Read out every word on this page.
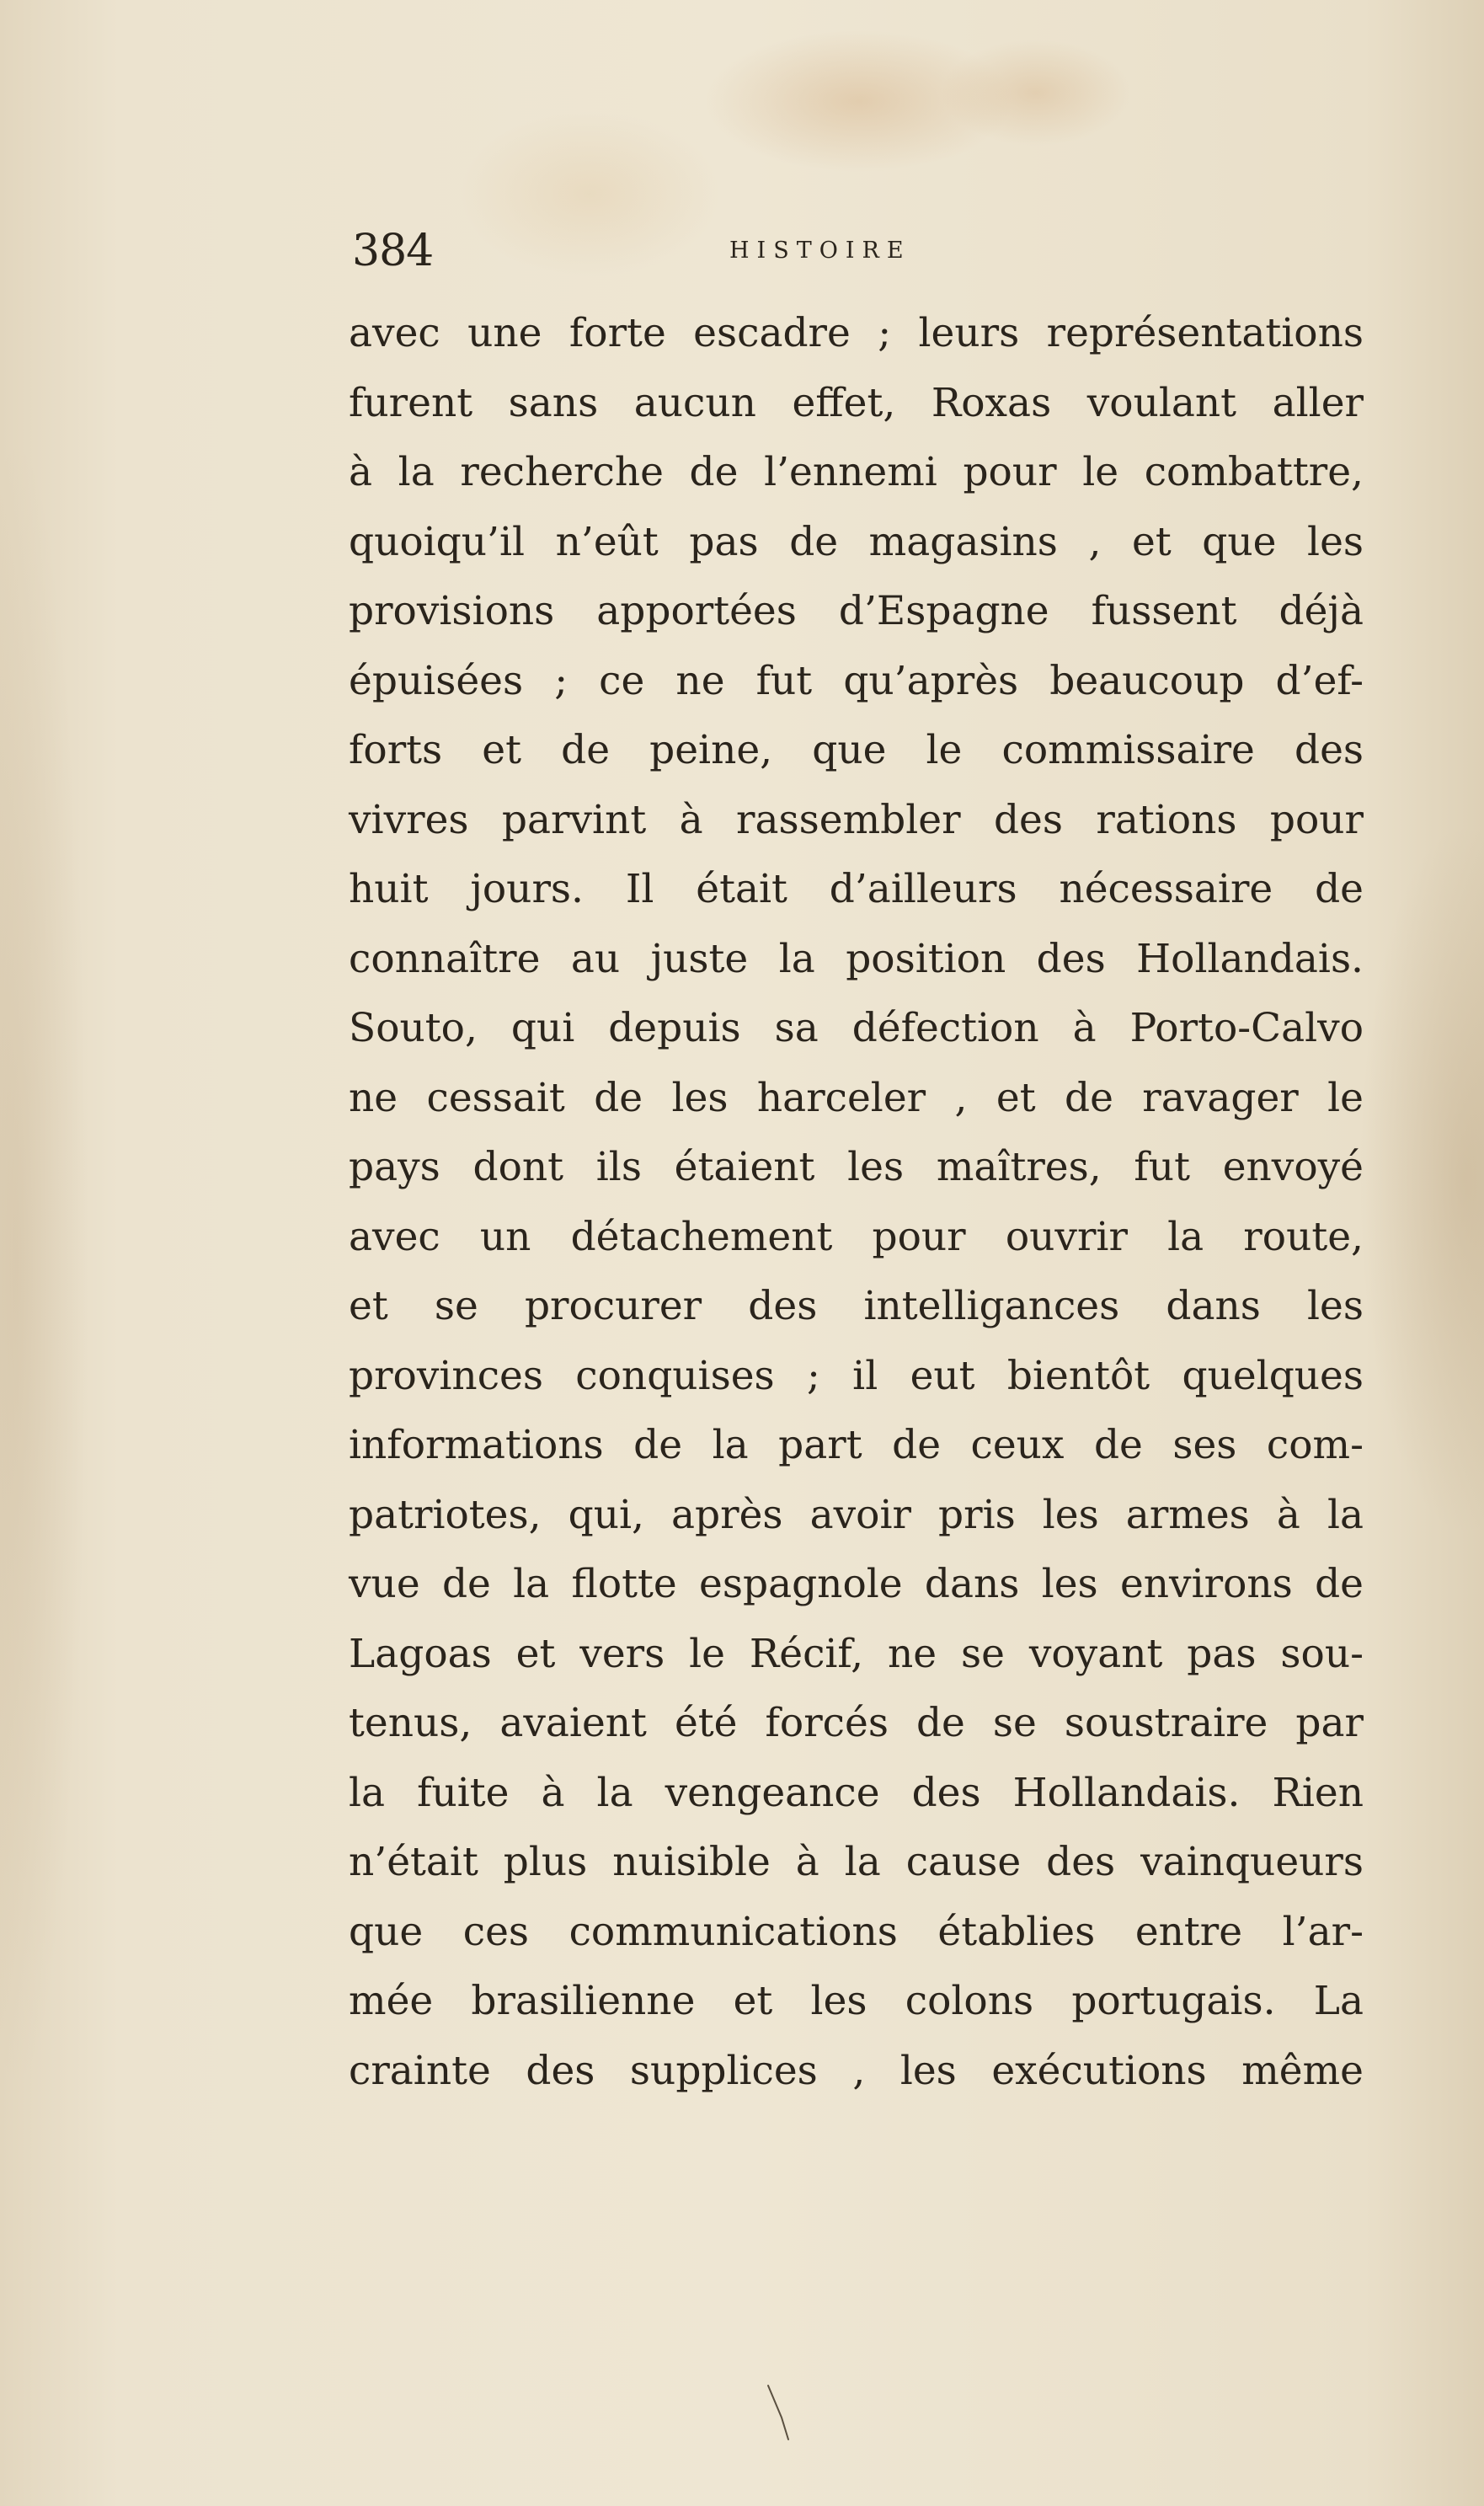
384	HISTOIRE
avec une forte escadre ; leurs représentations
furent sans aucun effet, Roxas voulant aller
à la recherche de l’ennemi pour le combattre,
quoiqu’il n’eût pas de magasins , et que les
provisions apportées d’Espagne fussent déjà
épuisées ; ce ne fut qu’après beaucoup d’ef-
forts et de peine, que le commissaire des
vivres parvint à rassembler des rations pour
huit jours. Il était d’ailleurs nécessaire de
connaître au juste la position des Hollandais.
Souto, qui depuis sa défection à Porto-Calvo
ne cessait de les harceler , et de ravager le
pays dont ils étaient les maîtres, fut envoyé
avec un détachement pour ouvrir la route,
et se procurer des intelligances dans les
provinces conquises ; il eut bientôt quelques
informations de la part de ceux de ses com-
patriotes, qui, après avoir pris les armes à la
vue de la flotte espagnole dans les environs de
Lagoas et vers le Récif, ne se voyant pas sou-
tenus, avaient été forcés de se soustraire par
la fuite à la vengeance des Hollandais. Rien
n’était plus nuisible à la cause des vainqueurs
que ces communications établies entre l’ar-
mée brasilienne et les colons portugais. La
crainte des supplices , les exécutions même
